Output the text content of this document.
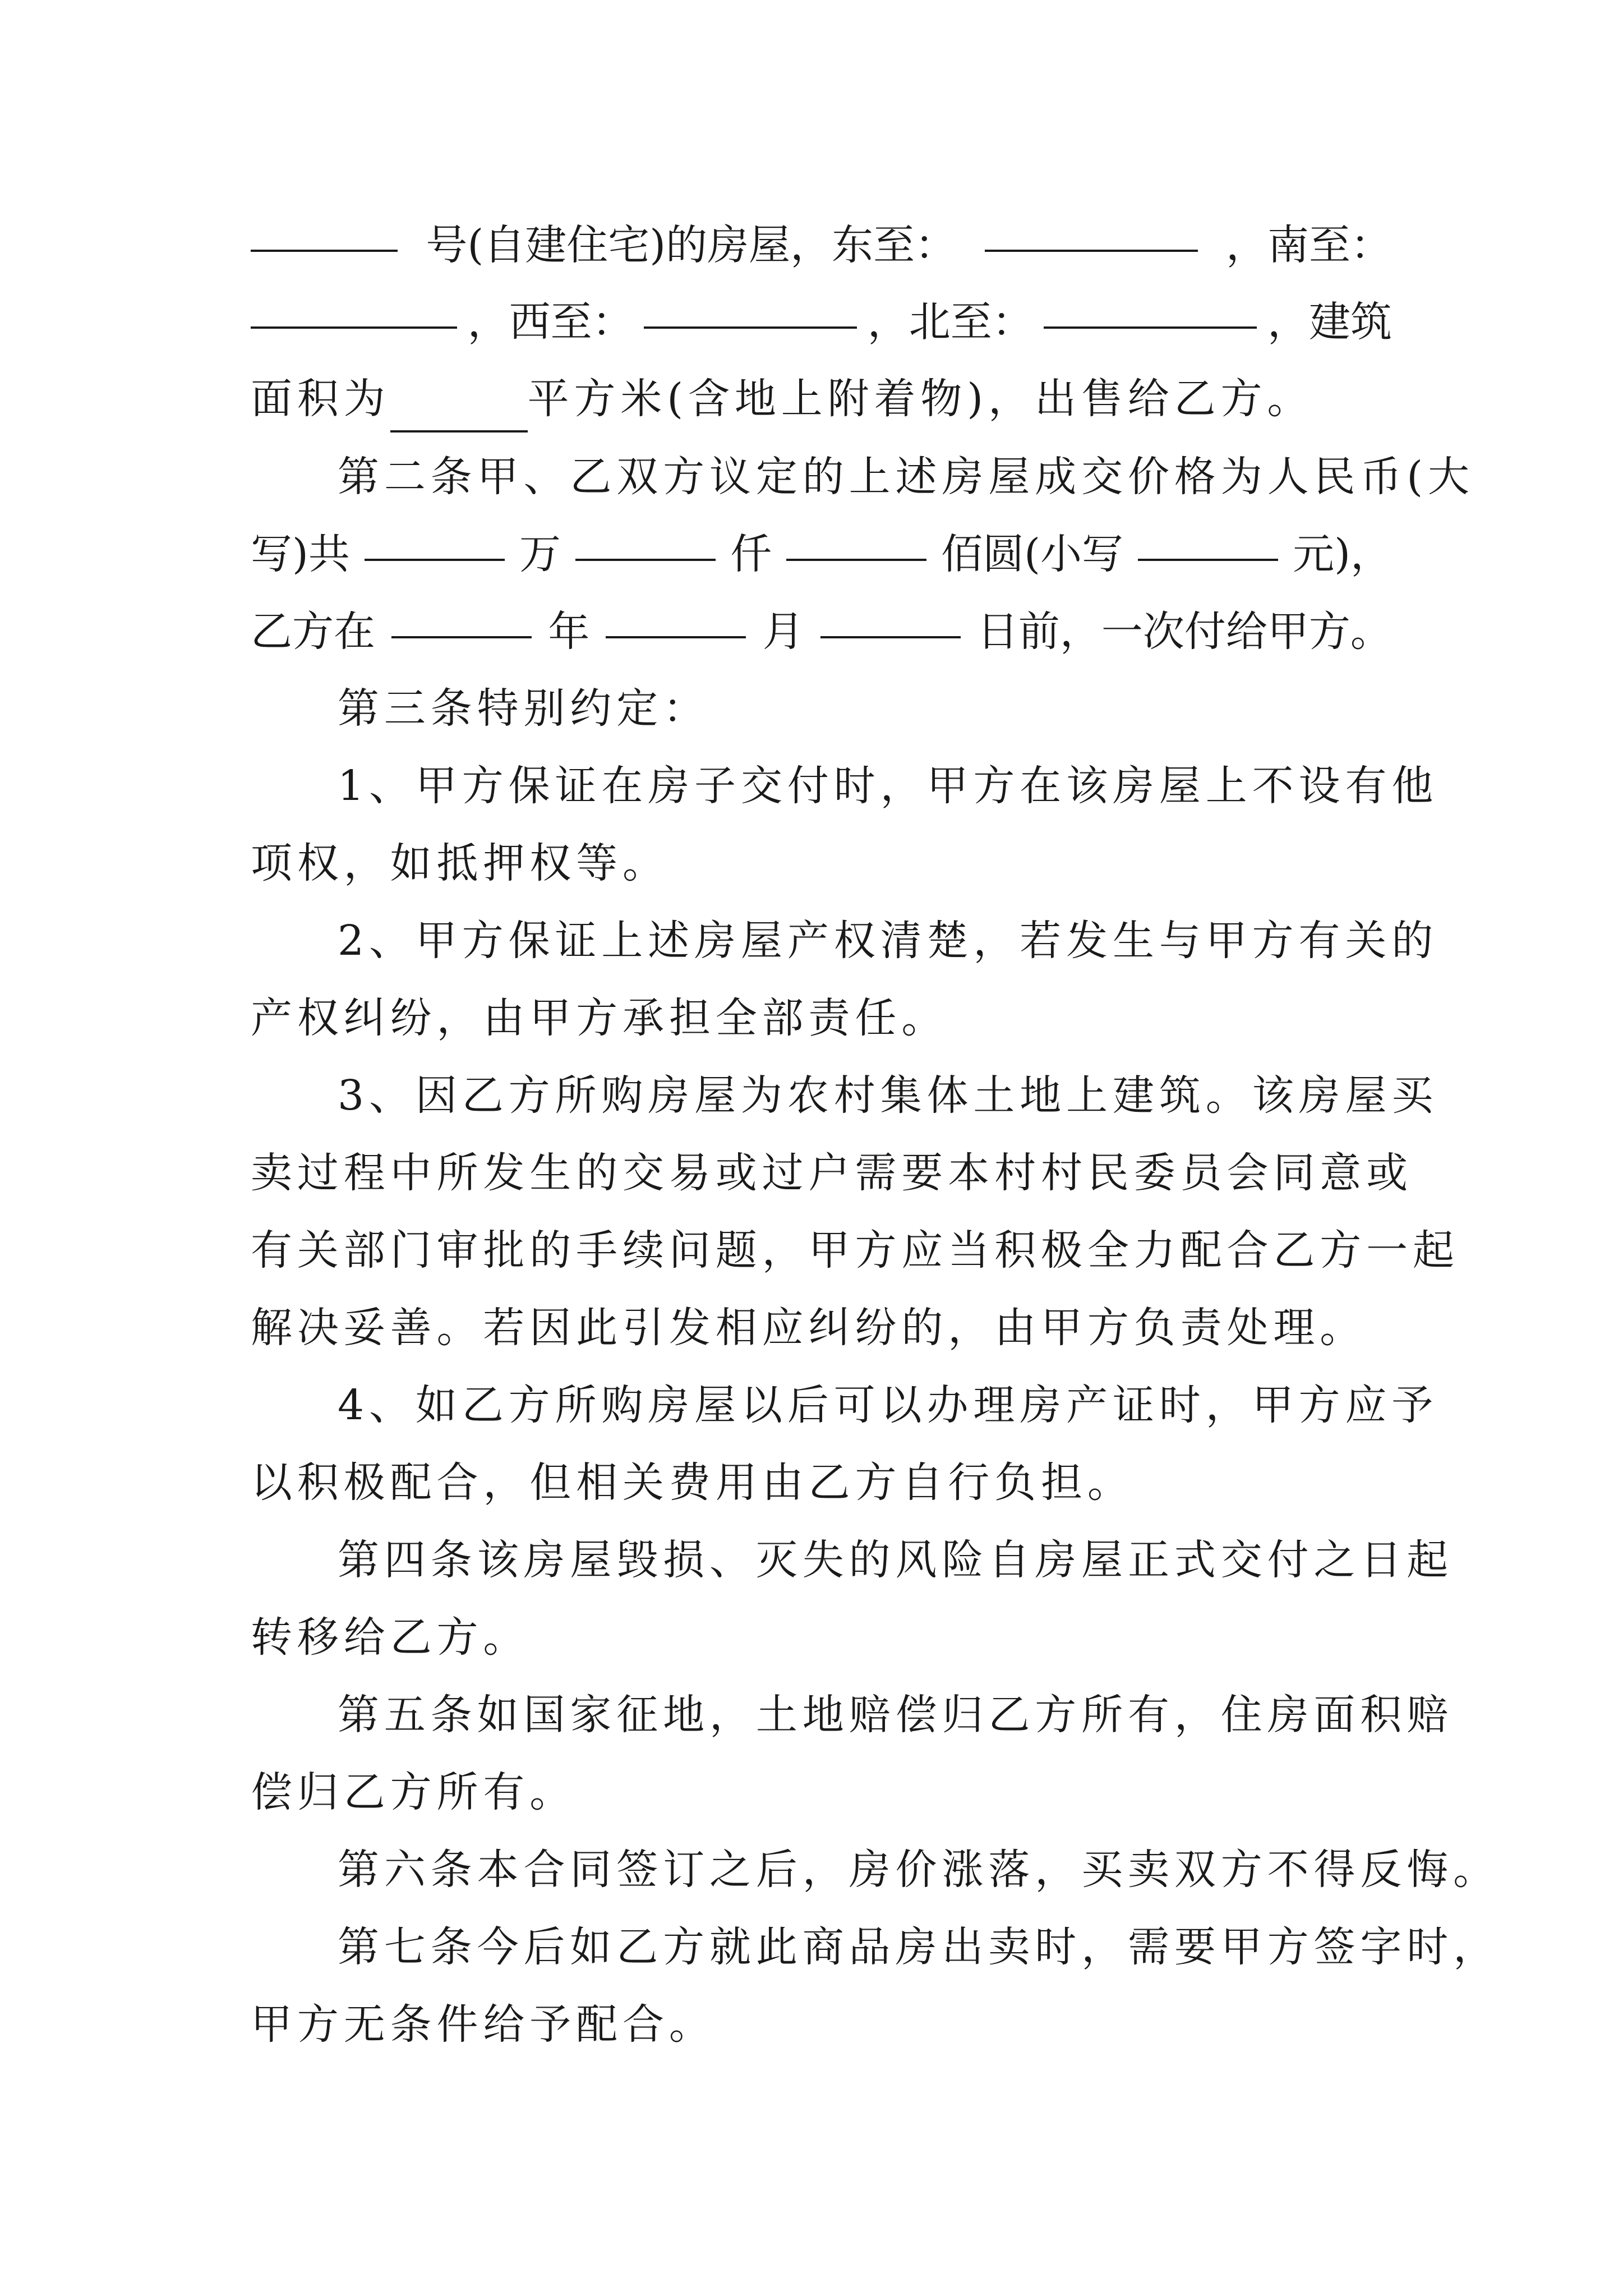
号(自建住宅)的房屋，东至：	，南至：
，西至：	，北至：	，建筑
面积为	平方米(含地上附着物)，出售给乙方。
第二条甲、乙双方议定的上述房屋成交价格为人民币(大
写)共	万	仟	佰圆(小写	元)，
乙方在	年	月	日前，一次付给甲方。
第三条特别约定：
1、甲方保证在房子交付时，甲方在该房屋上不设有他
项权，如抵押权等。
2、甲方保证上述房屋产权清楚，若发生与甲方有关的
产权纠纷，由甲方承担全部责任。
3、因乙方所购房屋为农村集体土地上建筑。该房屋买
卖过程中所发生的交易或过户需要本村村民委员会同意或
有关部门审批的手续问题，甲方应当积极全力配合乙方一起
解决妥善。若因此引发相应纠纷的，由甲方负责处理。
4、如乙方所购房屋以后可以办理房产证时，甲方应予
以积极配合，但相关费用由乙方自行负担。
第四条该房屋毁损、灭失的风险自房屋正式交付之日起
转移给乙方。
第五条如国家征地，土地赔偿归乙方所有，住房面积赔
偿归乙方所有。
第六条本合同签订之后，房价涨落，买卖双方不得反悔。
第七条今后如乙方就此商品房出卖时，需要甲方签字时，
甲方无条件给予配合。
